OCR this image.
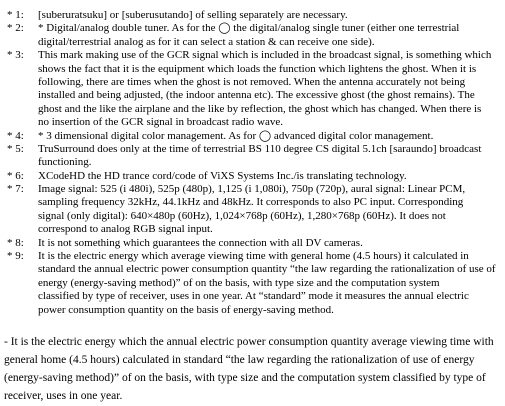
* 1: [suberuratsuku] or [suberusutando] of selling separately are necessary.
* 2: * Digital/analog double tuner. As for the ◯ the digital/analog single tuner (either one terrestrial
digital/terrestrial analog as for it can select a station & can receive one side).
* 3: This mark making use of the GCR signal which is included in the broadcast signal, is something which
shows the fact that it is the equipment which loads the function which lightens the ghost. When it is
following, there are times when the ghost is not removed. When the antenna accurately not being
installed and being adjusted, (the indoor antenna etc). The excessive ghost (the ghost remains). The
ghost and the like the airplane and the like by reflection, the ghost which has changed. When there is
no insertion of the GCR signal in broadcast radio wave.
* 4: * 3 dimensional digital color management. As for ◯ advanced digital color management.
* 5: TruSurround does only at the time of terrestrial BS 110 degree CS digital 5.1ch [saraundo] broadcast
functioning.
* 6: XCodeHD the HD trance cord/code of ViXS Systems Inc./is translating technology.
* 7: Image signal: 525 (i 480i), 525p (480p), 1,125 (i 1,080i), 750p (720p), aural signal: Linear PCM,
sampling frequency 32kHz, 44.1kHz and 48kHz. It corresponds to also PC input. Corresponding
signal (only digital): 640×480p (60Hz), 1,024×768p (60Hz), 1,280×768p (60Hz). It does not
correspond to analog RGB signal input.
* 8: It is not something which guarantees the connection with all DV cameras.
* 9: It is the electric energy which average viewing time with general home (4.5 hours) it calculated in
standard the annual electric power consumption quantity “the law regarding the rationalization of use of
energy (energy-saving method)” of on the basis, with type size and the computation system
classified by type of receiver, uses in one year. At “standard” mode it measures the annual electric
power consumption quantity on the basis of energy-saving method.
- It is the electric energy which the annual electric power consumption quantity average viewing time with
general home (4.5 hours) calculated in standard “the law regarding the rationalization of use of energy
(energy-saving method)” of on the basis, with type size and the computation system classified by type of
receiver, uses in one year.
